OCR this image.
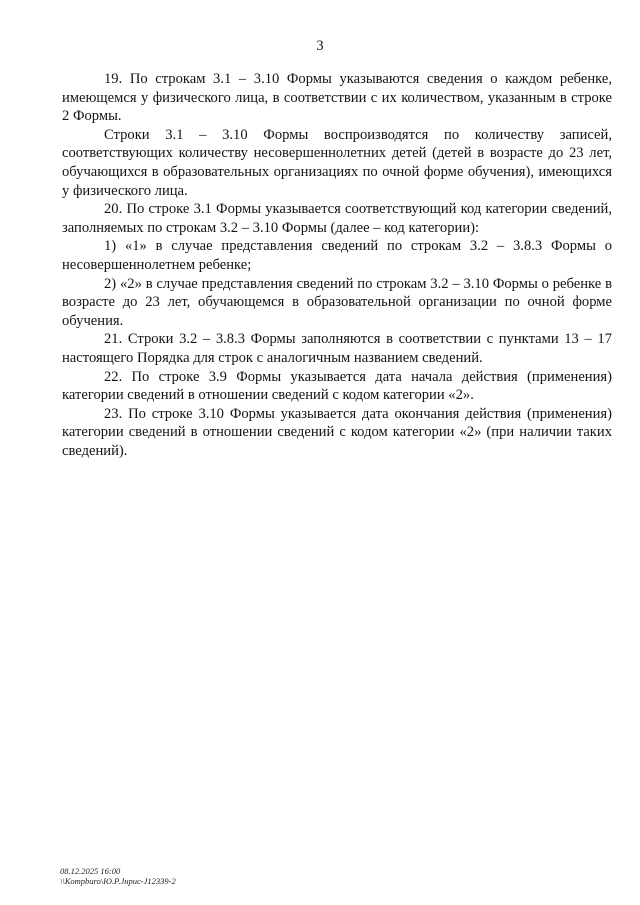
3

19. По строкам 3.1 – 3.10 Формы указываются сведения о каждом ребенке, имеющемся у физического лица, в соответствии с их количеством, указанным в строке 2 Формы.

Строки 3.1 – 3.10 Формы воспроизводятся по количеству записей, соответствующих количеству несовершеннолетних детей (детей в возрасте до 23 лет, обучающихся в образовательных организациях по очной форме обучения), имеющихся у физического лица.

20. По строке 3.1 Формы указывается соответствующий код категории сведений, заполняемых по строкам 3.2 – 3.10 Формы (далее – код категории):

1) «1» в случае представления сведений по строкам 3.2 – 3.8.3 Формы о несовершеннолетнем ребенке;

2) «2» в случае представления сведений по строкам 3.2 – 3.10 Формы о ребенке в возрасте до 23 лет, обучающемся в образовательной организации по очной форме обучения.

21. Строки 3.2 – 3.8.3 Формы заполняются в соответствии с пунктами 13 – 17 настоящего Порядка для строк с аналогичным названием сведений.

22. По строке 3.9 Формы указывается дата начала действия (применения) категории сведений в отношении сведений с кодом категории «2».

23. По строке 3.10 Формы указывается дата окончания действия (применения) категории сведений в отношении сведений с кодом категории «2» (при наличии таких сведений).

08.12.2025 16:00
\\Kompburo\Ю.Р.Jнрuс-J12339-2
